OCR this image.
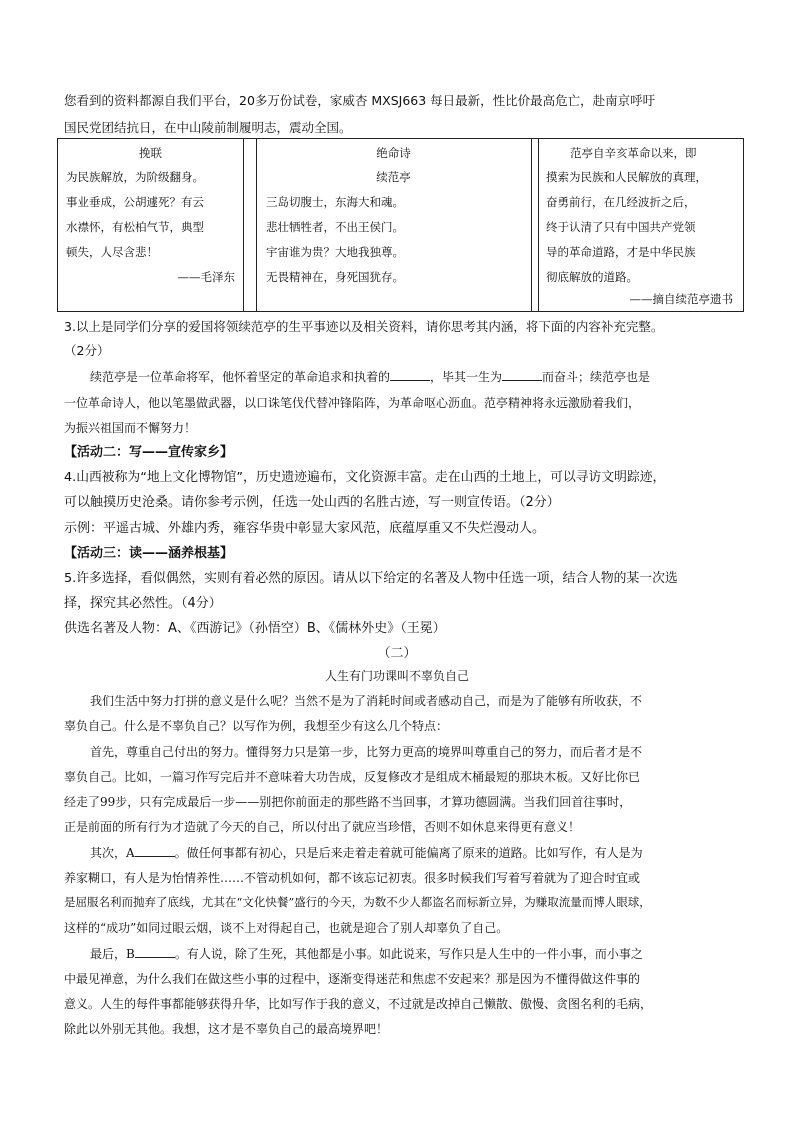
您看到的资料都源自我们平台，20多万份试卷，家威杏 MXSJ663 每日最新，性比价最高危亡，赴南京呼吁
国民党团结抗日，在中山陵前制履明志，震动全国。
挽联
为民族解放，为阶级翻身。
事业垂成，公胡遽死？有云
水襟怀，有松柏气节，典型
顿失，人尽含悲！
——毛泽东
绝命诗
续范亭
三岛切腹士，东海大和魂。
悲壮牺牲者，不出王侯门。
宇宙谁为贵？大地我独尊。
无畏精神在，身死国犹存。
范亭自辛亥革命以来，即
摸索为民族和人民解放的真理，
奋勇前行，在几经波折之后，
终于认清了只有中国共产党领
导的革命道路，才是中华民族
彻底解放的道路。
——摘自续范亭遗书
3.以上是同学们分享的爱国将领续范亭的生平事迹以及相关资料，请你思考其内涵，将下面的内容补充完整。
（2分）
续范亭是一位革命将军，他怀着坚定的革命追求和执着的	，毕其一生为	而奋斗；续范亭也是
一位革命诗人，他以笔墨做武器，以口诛笔伐代替冲锋陷阵，为革命呕心沥血。范亭精神将永远激励着我们，
为振兴祖国而不懈努力！
【活动二：写——宣传家乡】
4.山西被称为“地上文化博物馆”，历史遗迹遍布，文化资源丰富。走在山西的土地上，可以寻访文明踪迹，
可以触摸历史沧桑。请你参考示例，任选一处山西的名胜古迹，写一则宣传语。（2分）
示例：平遥古城、外雄内秀，雍容华贵中彰显大家风范，底蕴厚重又不失烂漫动人。
【活动三：读——涵养根基】
5.许多选择，看似偶然，实则有着必然的原因。请从以下给定的名著及人物中任选一项，结合人物的某一次选
择，探究其必然性。（4分）
供选名著及人物：A、《西游记》（孙悟空）B、《儒林外史》（王冕）
（二）
人生有门功课叫不辜负自己
我们生活中努力打拼的意义是什么呢？当然不是为了消耗时间或者感动自己，而是为了能够有所收获，不
辜负自己。什么是不辜负自己？以写作为例，我想至少有这么几个特点：
首先，尊重自己付出的努力。懂得努力只是第一步，比努力更高的境界叫尊重自己的努力，而后者才是不
辜负自己。比如，一篇习作写完后并不意味着大功告成，反复修改才是组成木桶最短的那块木板。又好比你已
经走了99步，只有完成最后一步——别把你前面走的那些路不当回事，才算功德圆满。当我们回首往事时，
正是前面的所有行为才造就了今天的自己，所以付出了就应当珍惜，否则不如休息来得更有意义！
其次，A	。做任何事都有初心，只是后来走着走着就可能偏离了原来的道路。比如写作，有人是为
养家糊口，有人是为怡情养性……不管动机如何，都不该忘记初衷。很多时候我们写着写着就为了迎合时宜或
是屈服名利而抛弃了底线，尤其在“文化快餐”盛行的今天，为数不少人都盗名而标新立异，为赚取流量而博人眼球，
这样的“成功”如同过眼云烟，谈不上对得起自己，也就是迎合了别人却辜负了自己。
最后，B	。有人说，除了生死，其他都是小事。如此说来，写作只是人生中的一件小事，而小事之
中最见禅意，为什么我们在做这些小事的过程中，逐渐变得迷茫和焦虑不安起来？那是因为不懂得做这件事的
意义。人生的每件事都能够获得升华，比如写作于我的意义，不过就是改掉自己懒散、傲慢、贪图名利的毛病，
除此以外别无其他。我想，这才是不辜负自己的最高境界吧！
